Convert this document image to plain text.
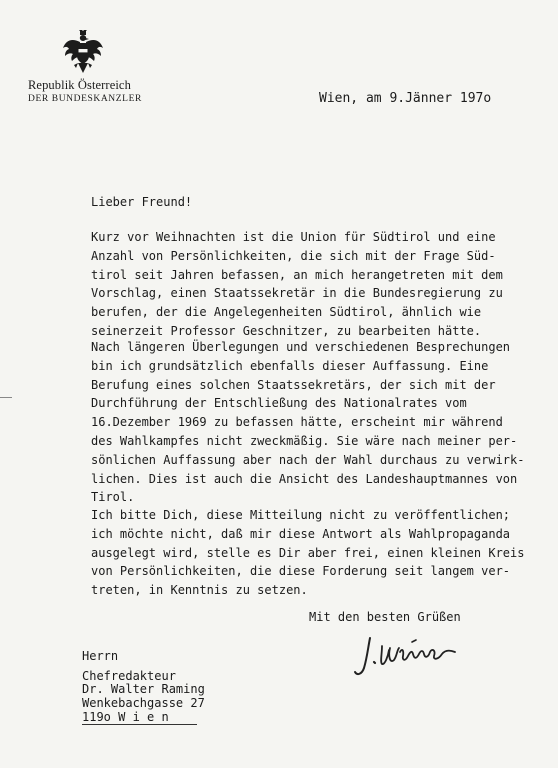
Republik Österreich
DER BUNDESKANZLER	Wien, am 9.Jänner 197o
Lieber Freund!
Kurz vor Weihnachten ist die Union für Südtirol und eine
Anzahl von Persönlichkeiten, die sich mit der Frage Süd-
tirol seit Jahren befassen, an mich herangetreten mit dem
Vorschlag, einen Staatssekretär in die Bundesregierung zu
berufen, der die Angelegenheiten Südtirol, ähnlich wie
seinerzeit Professor Geschnitzer, zu bearbeiten hätte.
Nach längeren Überlegungen und verschiedenen Besprechungen
bin ich grundsätzlich ebenfalls dieser Auffassung. Eine
Berufung eines solchen Staatssekretärs, der sich mit der
Durchführung der Entschließung des Nationalrates vom
16.Dezember 1969 zu befassen hätte, erscheint mir während
des Wahlkampfes nicht zweckmäßig. Sie wäre nach meiner per-
sönlichen Auffassung aber nach der Wahl durchaus zu verwirk-
lichen. Dies ist auch die Ansicht des Landeshauptmannes von
Tirol.
Ich bitte Dich, diese Mitteilung nicht zu veröffentlichen;
ich möchte nicht, daß mir diese Antwort als Wahlpropaganda
ausgelegt wird, stelle es Dir aber frei, einen kleinen Kreis
von Persönlichkeiten, die diese Forderung seit langem ver-
treten, in Kenntnis zu setzen.
Mit den besten Grüßen
Herrn
Chefredakteur
Dr. Walter Raming
Wenkebachgasse 27
119o W i e n
